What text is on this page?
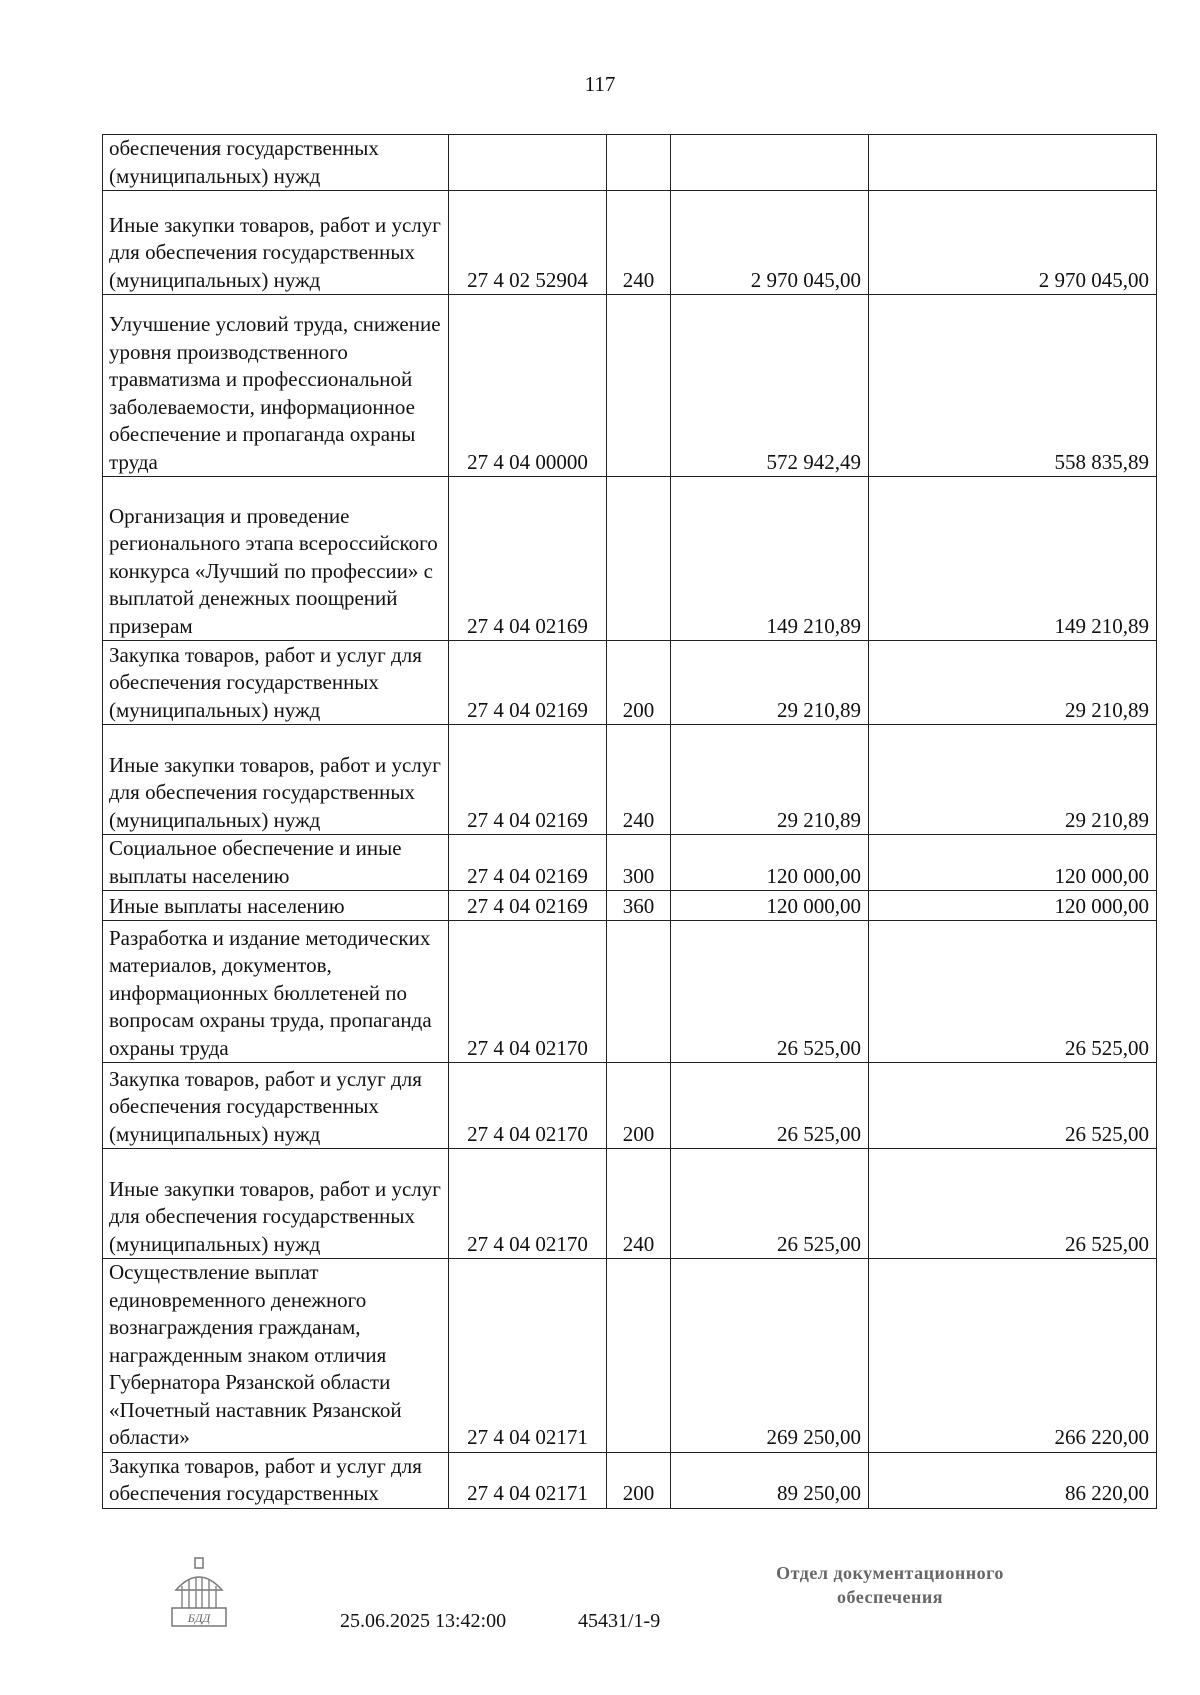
117
обеспечения государственных (муниципальных) нужд				
Иные закупки товаров, работ и услуг для обеспечения государственных (муниципальных) нужд	27 4 02 52904	240	2 970 045,00	2 970 045,00
Улучшение условий труда, снижение уровня производственного травматизма и профессиональной заболеваемости, информационное обеспечение и пропаганда охраны труда	27 4 04 00000		572 942,49	558 835,89
Организация и проведение регионального этапа всероссийского конкурса «Лучший по профессии» с выплатой денежных поощрений призерам	27 4 04 02169		149 210,89	149 210,89
Закупка товаров, работ и услуг для обеспечения государственных (муниципальных) нужд	27 4 04 02169	200	29 210,89	29 210,89
Иные закупки товаров, работ и услуг для обеспечения государственных (муниципальных) нужд	27 4 04 02169	240	29 210,89	29 210,89
Социальное обеспечение и иные выплаты населению	27 4 04 02169	300	120 000,00	120 000,00
Иные выплаты населению	27 4 04 02169	360	120 000,00	120 000,00
Разработка и издание методических материалов, документов, информационных бюллетеней по вопросам охраны труда, пропаганда охраны труда	27 4 04 02170		26 525,00	26 525,00
Закупка товаров, работ и услуг для обеспечения государственных (муниципальных) нужд	27 4 04 02170	200	26 525,00	26 525,00
Иные закупки товаров, работ и услуг для обеспечения государственных (муниципальных) нужд	27 4 04 02170	240	26 525,00	26 525,00
Осуществление выплат единовременного денежного вознаграждения гражданам, награжденным знаком отличия Губернатора Рязанской области «Почетный наставник Рязанской области»	27 4 04 02171		269 250,00	266 220,00
Закупка товаров, работ и услуг для обеспечения государственных	27 4 04 02171	200	89 250,00	86 220,00
БДД	25.06.2025 13:42:00	45431/1-9
Отдел документационного обеспечения
